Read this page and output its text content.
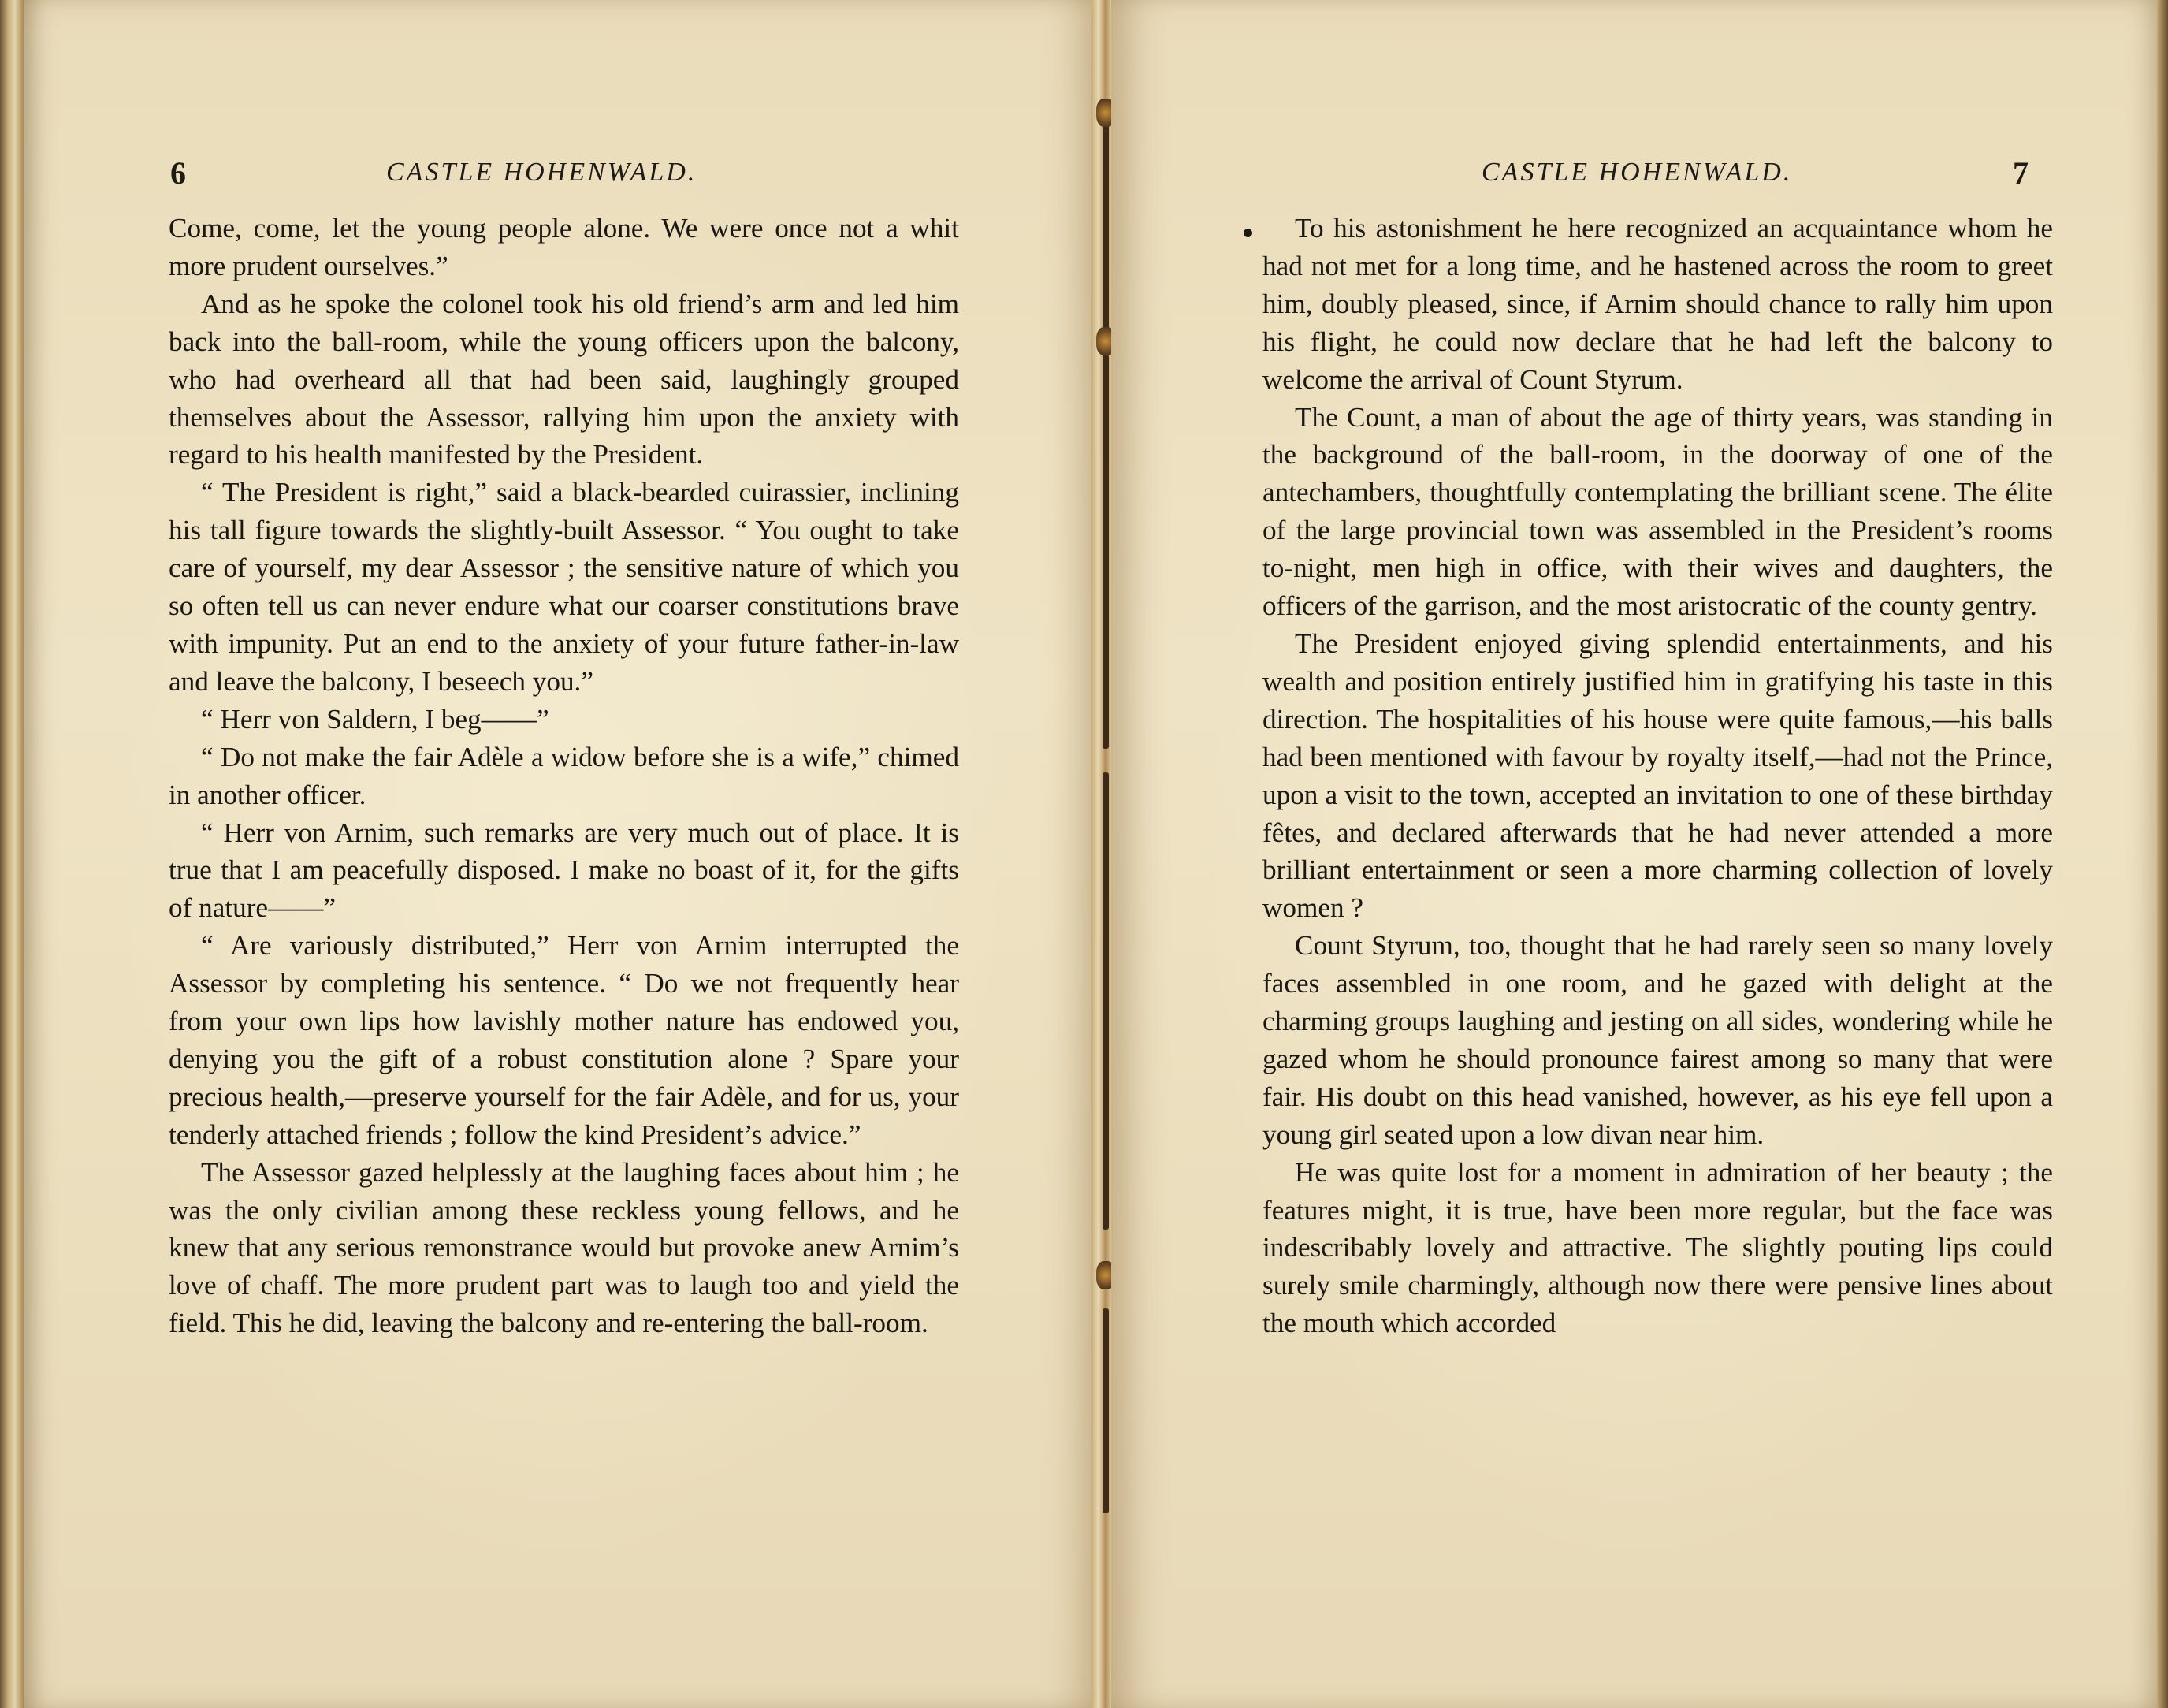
6	CASTLE HOHENWALD.

Come, come, let the young people alone. We were once not a whit more prudent ourselves.”

And as he spoke the colonel took his old friend’s arm and led him back into the ball-room, while the young officers upon the balcony, who had overheard all that had been said, laughingly grouped themselves about the Assessor, rallying him upon the anxiety with regard to his health manifested by the President.

“ The President is right,” said a black-bearded cuirassier, inclining his tall figure towards the slightly-built Assessor. “ You ought to take care of yourself, my dear Assessor ; the sensitive nature of which you so often tell us can never endure what our coarser constitutions brave with impunity. Put an end to the anxiety of your future father-in-law and leave the balcony, I beseech you.”

“ Herr von Saldern, I beg——”

“ Do not make the fair Adèle a widow before she is a wife,” chimed in another officer.

“ Herr von Arnim, such remarks are very much out of place. It is true that I am peacefully disposed. I make no boast of it, for the gifts of nature——”

“ Are variously distributed,” Herr von Arnim interrupted the Assessor by completing his sentence. “ Do we not frequently hear from your own lips how lavishly mother nature has endowed you, denying you the gift of a robust constitution alone ? Spare your precious health,—preserve yourself for the fair Adèle, and for us, your tenderly attached friends ; follow the kind President’s advice.”

The Assessor gazed helplessly at the laughing faces about him ; he was the only civilian among these reckless young fellows, and he knew that any serious remonstrance would but provoke anew Arnim’s love of chaff. The more prudent part was to laugh too and yield the field. This he did, leaving the balcony and re-entering the ball-room.

CASTLE HOHENWALD.	7

To his astonishment he here recognized an acquaintance whom he had not met for a long time, and he hastened across the room to greet him, doubly pleased, since, if Arnim should chance to rally him upon his flight, he could now declare that he had left the balcony to welcome the arrival of Count Styrum.

The Count, a man of about the age of thirty years, was standing in the background of the ball-room, in the doorway of one of the antechambers, thoughtfully contemplating the brilliant scene. The élite of the large provincial town was assembled in the President’s rooms to-night, men high in office, with their wives and daughters, the officers of the garrison, and the most aristocratic of the county gentry.

The President enjoyed giving splendid entertainments, and his wealth and position entirely justified him in gratifying his taste in this direction. The hospitalities of his house were quite famous,—his balls had been mentioned with favour by royalty itself,—had not the Prince, upon a visit to the town, accepted an invitation to one of these birthday fêtes, and declared afterwards that he had never attended a more brilliant entertainment or seen a more charming collection of lovely women ?

Count Styrum, too, thought that he had rarely seen so many lovely faces assembled in one room, and he gazed with delight at the charming groups laughing and jesting on all sides, wondering while he gazed whom he should pronounce fairest among so many that were fair. His doubt on this head vanished, however, as his eye fell upon a young girl seated upon a low divan near him.

He was quite lost for a moment in admiration of her beauty ; the features might, it is true, have been more regular, but the face was indescribably lovely and attractive. The slightly pouting lips could surely smile charmingly, although now there were pensive lines about the mouth which accorded
